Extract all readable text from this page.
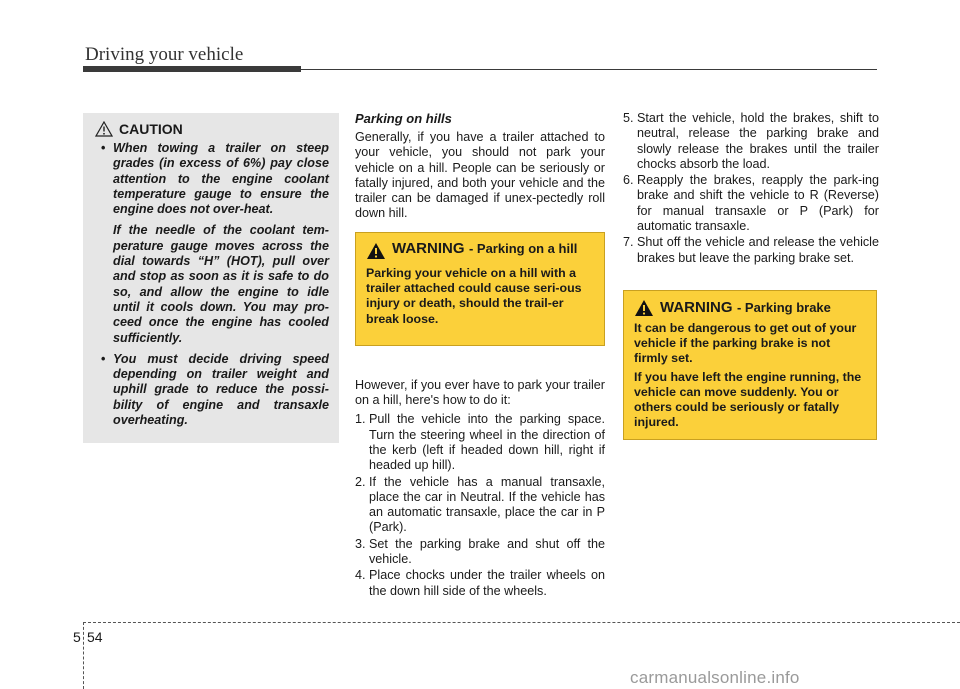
Driving your vehicle
CAUTION
• When towing a trailer on steep grades (in excess of 6%) pay close attention to the engine coolant temperature gauge to ensure the engine does not over-heat.

If the needle of the coolant tem-perature gauge moves across the dial towards “H” (HOT), pull over and stop as soon as it is safe to do so, and allow the engine to idle until it cools down. You may pro-ceed once the engine has cooled sufficiently.

• You must decide driving speed depending on trailer weight and uphill grade to reduce the possi-bility of engine and transaxle overheating.

Parking on hills

Generally, if you have a trailer attached to your vehicle, you should not park your vehicle on a hill. People can be seriously or fatally injured, and both your vehicle and the trailer can be damaged if unex-pectedly roll down hill.

However, if you ever have to park your trailer on a hill, here's how to do it:

1. Pull the vehicle into the parking space. Turn the steering wheel in the direction of the kerb (left if headed down hill, right if headed up hill).
2. If the vehicle has a manual transaxle, place the car in Neutral. If the vehicle has an automatic transaxle, place the car in P (Park).
3. Set the parking brake and shut off the vehicle.
4. Place chocks under the trailer wheels on the down hill side of the wheels.
WARNING - Parking on a hill

Parking your vehicle on a hill with a trailer attached could cause seri-ous injury or death, should the trail-er break loose.

5. Start the vehicle, hold the brakes, shift to neutral, release the parking brake and slowly release the brakes until the trailer chocks absorb the load.
6. Reapply the brakes, reapply the park-ing brake and shift the vehicle to R (Reverse) for manual transaxle or P (Park) for automatic transaxle.
7. Shut off the vehicle and release the vehicle brakes but leave the parking brake set.
WARNING - Parking brake

It can be dangerous to get out of your vehicle if the parking brake is not firmly set.

If you have left the engine running, the vehicle can move suddenly. You or others could be seriously or fatally injured.

5 54
carmanualsonline.info
